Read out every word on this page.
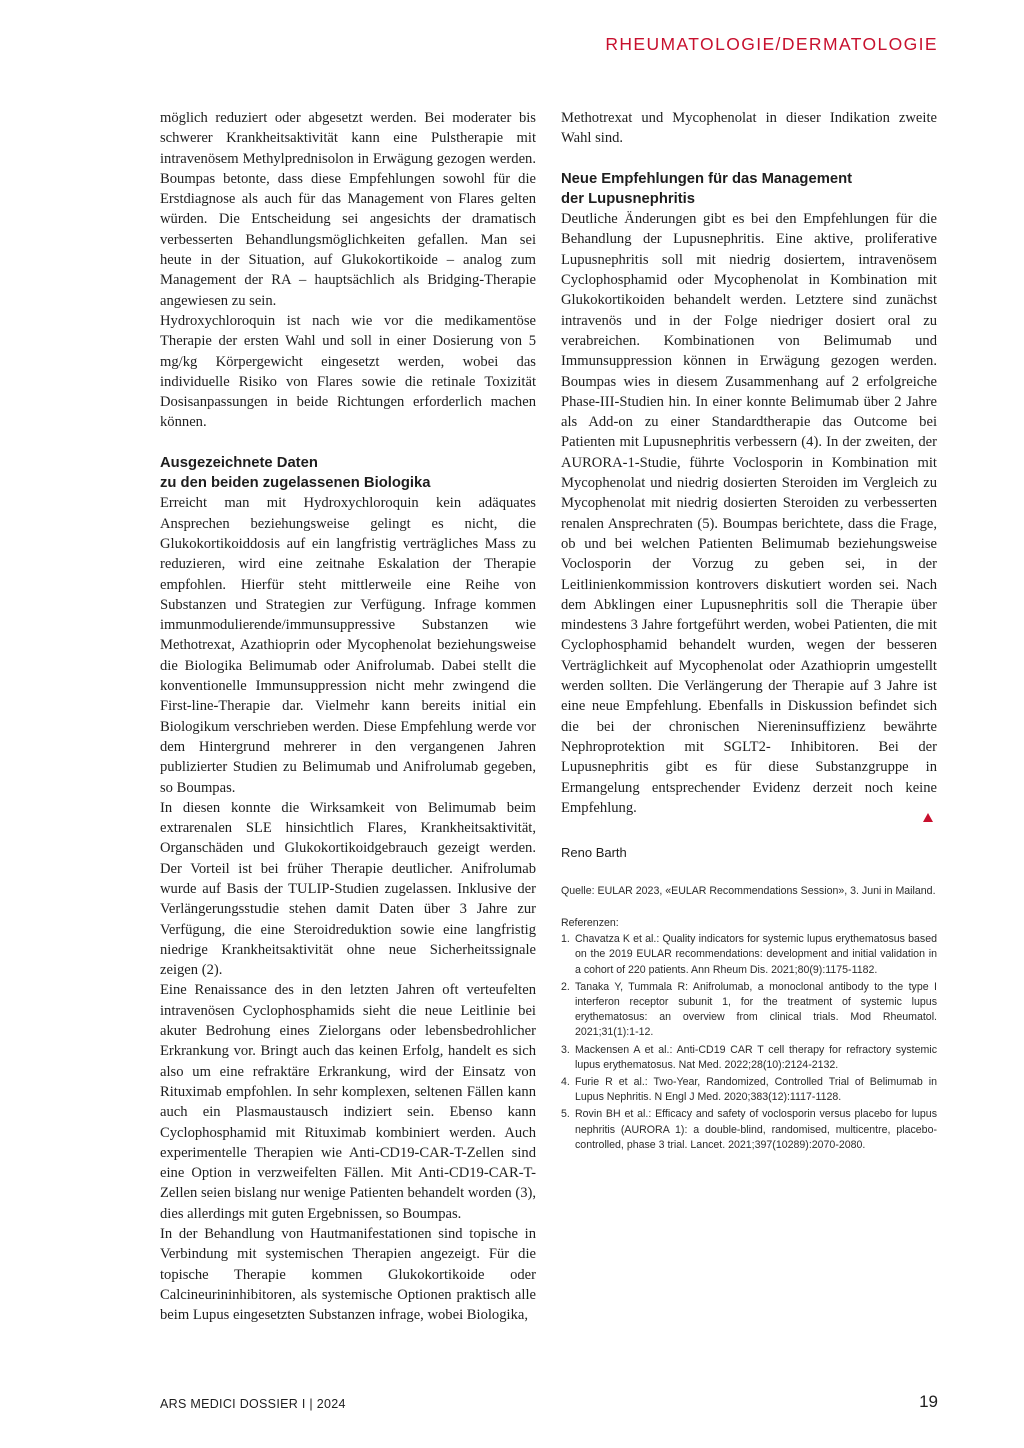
RHEUMATOLOGIE/DERMATOLOGIE

möglich reduziert oder abgesetzt werden. Bei moderater bis schwerer Krankheitsaktivität kann eine Pulstherapie mit intravenösem Methylprednisolon in Erwägung gezogen werden. Boumpas betonte, dass diese Empfehlungen sowohl für die Erstdiagnose als auch für das Management von Flares gelten würden. Die Entscheidung sei angesichts der dramatisch verbesserten Behandlungsmöglichkeiten gefallen. Man sei heute in der Situation, auf Glukokortikoide – analog zum Management der RA – hauptsächlich als Bridging-Therapie angewiesen zu sein.

Hydroxychloroquin ist nach wie vor die medikamentöse Therapie der ersten Wahl und soll in einer Dosierung von 5 mg/kg Körpergewicht eingesetzt werden, wobei das individuelle Risiko von Flares sowie die retinale Toxizität Dosisanpassungen in beide Richtungen erforderlich machen können.

Ausgezeichnete Daten

zu den beiden zugelassenen Biologika

Erreicht man mit Hydroxychloroquin kein adäquates Ansprechen beziehungsweise gelingt es nicht, die Glukokortikoiddosis auf ein langfristig verträgliches Mass zu reduzieren, wird eine zeitnahe Eskalation der Therapie empfohlen. Hierfür steht mittlerweile eine Reihe von Substanzen und Strategien zur Verfügung. Infrage kommen immunmodulierende/immunsuppressive Substanzen wie Methotrexat, Azathioprin oder Mycophenolat beziehungsweise die Biologika Belimumab oder Anifrolumab. Dabei stellt die konventionelle Immunsuppression nicht mehr zwingend die First-line-Therapie dar. Vielmehr kann bereits initial ein Biologikum verschrieben werden. Diese Empfehlung werde vor dem Hintergrund mehrerer in den vergangenen Jahren publizierter Studien zu Belimumab und Anifrolumab gegeben, so Boumpas.

In diesen konnte die Wirksamkeit von Belimumab beim extrarenalen SLE hinsichtlich Flares, Krankheitsaktivität, Organschäden und Glukokortikoidgebrauch gezeigt werden. Der Vorteil ist bei früher Therapie deutlicher. Anifrolumab wurde auf Basis der TULIP-Studien zugelassen. Inklusive der Verlängerungsstudie stehen damit Daten über 3 Jahre zur Verfügung, die eine Steroidreduktion sowie eine langfristig niedrige Krankheitsaktivität ohne neue Sicherheitssignale zeigen (2).

Eine Renaissance des in den letzten Jahren oft verteufelten intravenösen Cyclophosphamids sieht die neue Leitlinie bei akuter Bedrohung eines Zielorgans oder lebensbedrohlicher Erkrankung vor. Bringt auch das keinen Erfolg, handelt es sich also um eine refraktäre Erkrankung, wird der Einsatz von Rituximab empfohlen. In sehr komplexen, seltenen Fällen kann auch ein Plasmaustausch indiziert sein. Ebenso kann Cyclophosphamid mit Rituximab kombiniert werden. Auch experimentelle Therapien wie Anti-CD19-CAR-T-Zellen sind eine Option in verzweifelten Fällen. Mit Anti-CD19-CAR-T-Zellen seien bislang nur wenige Patienten behandelt worden (3), dies allerdings mit guten Ergebnissen, so Boumpas.

In der Behandlung von Hautmanifestationen sind topische in Verbindung mit systemischen Therapien angezeigt. Für die topische Therapie kommen Glukokortikoide oder Calcineurininhibitoren, als systemische Optionen praktisch alle beim Lupus eingesetzten Substanzen infrage, wobei Biologika,

Methotrexat und Mycophenolat in dieser Indikation zweite Wahl sind.

Neue Empfehlungen für das Management

der Lupusnephritis

Deutliche Änderungen gibt es bei den Empfehlungen für die Behandlung der Lupusnephritis. Eine aktive, proliferative Lupusnephritis soll mit niedrig dosiertem, intravenösem Cyclophosphamid oder Mycophenolat in Kombination mit Glukokortikoiden behandelt werden. Letztere sind zunächst intravenös und in der Folge niedriger dosiert oral zu verabreichen. Kombinationen von Belimumab und Immunsuppression können in Erwägung gezogen werden. Boumpas wies in diesem Zusammenhang auf 2 erfolgreiche Phase-III-Studien hin. In einer konnte Belimumab über 2 Jahre als Add-on zu einer Standardtherapie das Outcome bei Patienten mit Lupusnephritis verbessern (4). In der zweiten, der AURORA-1-Studie, führte Voclosporin in Kombination mit Mycophenolat und niedrig dosierten Steroiden im Vergleich zu Mycophenolat mit niedrig dosierten Steroiden zu verbesserten renalen Ansprechraten (5). Boumpas berichtete, dass die Frage, ob und bei welchen Patienten Belimumab beziehungsweise Voclosporin der Vorzug zu geben sei, in der Leitlinienkommission kontrovers diskutiert worden sei. Nach dem Abklingen einer Lupusnephritis soll die Therapie über mindestens 3 Jahre fortgeführt werden, wobei Patienten, die mit Cyclophosphamid behandelt wurden, wegen der besseren Verträglichkeit auf Mycophenolat oder Azathioprin umgestellt werden sollten. Die Verlängerung der Therapie auf 3 Jahre ist eine neue Empfehlung. Ebenfalls in Diskussion befindet sich die bei der chronischen Niereninsuffizienz bewährte Nephroprotektion mit SGLT2- Inhibitoren. Bei der Lupusnephritis gibt es für diese Substanzgruppe in Ermangelung entsprechender Evidenz derzeit noch keine Empfehlung.

Reno Barth
Quelle: EULAR 2023, «EULAR Recommendations Session», 3. Juni in Mailand.
Referenzen:
1. Chavatza K et al.: Quality indicators for systemic lupus erythematosus based on the 2019 EULAR recommendations: development and initial validation in a cohort of 220 patients. Ann Rheum Dis. 2021;80(9):1175-1182.
2. Tanaka Y, Tummala R: Anifrolumab, a monoclonal antibody to the type I interferon receptor subunit 1, for the treatment of systemic lupus erythematosus: an overview from clinical trials. Mod Rheumatol. 2021;31(1):1-12.
3. Mackensen A et al.: Anti-CD19 CAR T cell therapy for refractory systemic lupus erythematosus. Nat Med. 2022;28(10):2124-2132.
4. Furie R et al.: Two-Year, Randomized, Controlled Trial of Belimumab in Lupus Nephritis. N Engl J Med. 2020;383(12):1117-1128.
5. Rovin BH et al.: Efficacy and safety of voclosporin versus placebo for lupus nephritis (AURORA 1): a double-blind, randomised, multicentre, placebo-controlled, phase 3 trial. Lancet. 2021;397(10289):2070-2080.
ARS MEDICI DOSSIER I | 2024	19
